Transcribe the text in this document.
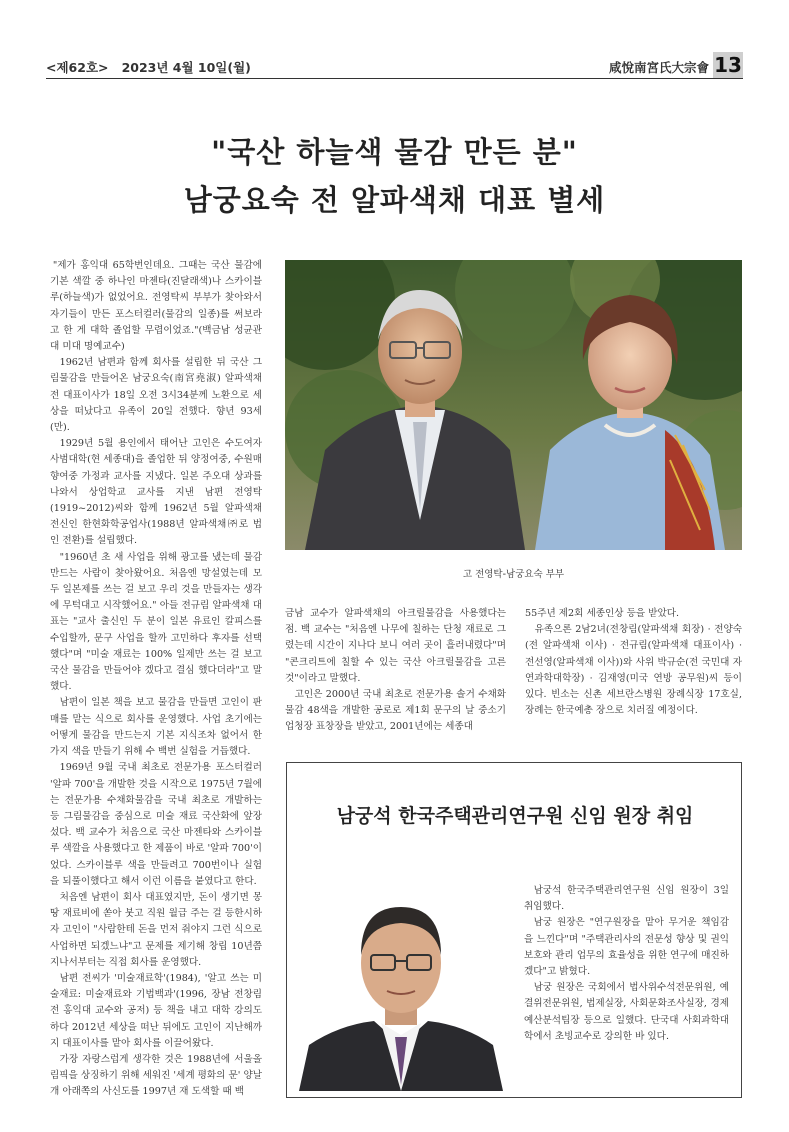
<제62호> 2023년 4월 10일(월)	咸悅南宮氏大宗會 13
"국산 하늘색 물감 만든 분"
남궁요숙 전 알파색채 대표 별세

"제가 홍익대 65학번인데요. 그때는 국산 물감에 기본 색깔 중 하나인 마젠타(진달래색)나 스카이블루(하늘색)가 없었어요. 전영탁씨 부부가 찾아와서 자기들이 만든 포스터컬러(물감의 일종)를 써보라고 한 게 대학 졸업할 무렵이었죠."(백금남 성균관대 미대 명예교수)

1962년 남편과 함께 회사를 설립한 뒤 국산 그림물감을 만들어온 남궁요숙(南宮堯淑) 알파색채전 대표이사가 18일 오전 3시34분께 노환으로 세상을 떠났다고 유족이 20일 전했다. 향년 93세(만).

1929년 5월 용인에서 태어난 고인은 수도여자사범대학(현 세종대)을 졸업한 뒤 양정여중, 수원매향여중 가정과 교사를 지냈다. 일본 주오대 상과를 나와서 상업학교 교사를 지낸 남편 전영탁(1919~2012)씨와 함께 1962년 5월 알파색채 전신인 한현화학공업사(1988년 알파색채㈜로 법인 전환)를 설립했다.

"1960년 초 새 사업을 위해 광고를 냈는데 물감 만드는 사람이 찾아왔어요. 처음엔 망설였는데 모두 일본제를 쓰는 걸 보고 우리 것을 만들자는 생각에 무턱대고 시작했어요." 아들 전규림 알파색채 대표는 "교사 출신인 두 분이 일본 유료인 칼피스를 수입할까, 문구 사업을 할까 고민하다 후자를 선택했다"며 "미술 재료는 100% 일제만 쓰는 걸 보고 국산 물감을 만들어야 겠다고 결심 했다더라"고 말했다.

남편이 일본 책을 보고 물감을 만들면 고인이 판매를 맡는 식으로 회사를 운영했다. 사업 초기에는 어떻게 물감을 만드는지 기본 지식조차 없어서 한 가지 색을 만들기 위해 수 백번 실험을 거듭했다.

1969년 9월 국내 최초로 전문가용 포스터컬러 '알파 700'을 개발한 것을 시작으로 1975년 7월에는 전문가용 수채화물감을 국내 최초로 개발하는 등 그림물감을 중심으로 미술 재료 국산화에 앞장섰다. 백 교수가 처음으로 국산 마젠타와 스카이블루 색깔을 사용했다고 한 제품이 바로 '알파 700'이었다. 스카이블루 색을 만들려고 700번이나 실험을 되풀이했다고 해서 이런 이름을 붙였다고 한다.

처음엔 남편이 회사 대표였지만, 돈이 생기면 몽땅 재료비에 쏟아 붓고 직원 월급 주는 걸 등한시하자 고인이 "사람한테 돈을 먼저 줘야지 그런 식으로 사업하면 되겠느냐"고 문제를 제기해 창립 10년쯤 지나서부터는 직접 회사를 운영했다.

남편 전씨가 '미술재료학'(1984), '알고 쓰는 미술재료: 미술재료와 기법백과'(1996, 장남 전창림 전 홍익대 교수와 공저) 등 책을 내고 대학 강의도 하다 2012년 세상을 떠난 뒤에도 고인이 지난해까지 대표이사를 맡아 회사를 이끌어왔다.

가장 자랑스럽게 생각한 것은 1988년에 서울올림픽을 상징하기 위해 세워진 '세계 평화의 문' 양날개 아래쪽의 사신도를 1997년 재 도색할 때 백

고 전영탁-남궁요숙 부부

금남 교수가 알파색채의 아크릴물감을 사용했다는 점. 백 교수는 "처음엔 나무에 칠하는 단청 재료로 그렸는데 시간이 지나다 보니 여러 곳이 흘러내렸다"며 "콘크리트에 칠할 수 있는 국산 아크릴물감을 고른 것"이라고 말했다.

고인은 2000년 국내 최초로 전문가용 솔거 수채화 물감 48색을 개발한 공로로 제1회 문구의 날 중소기업청장 표창장을 받았고, 2001년에는 세종대

55주년 제2회 세종인상 등을 받았다.

유족으론 2남2녀(전창림(알파색채 회장) · 전양숙(전 알파색채 이사) · 전규림(알파색채 대표이사) · 전선영(알파색채 이사))와 사위 박규순(전 국민대 자연과학대학장) · 김재영(미국 연방 공무원)씨 등이 있다. 빈소는 신촌 세브란스병원 장례식장 17호실, 장례는 한국예총 장으로 치러질 예정이다.

남궁석 한국주택관리연구원 신임 원장 취임

남궁석 한국주택관리연구원 신임 원장이 3일 취임했다.

남궁 원장은 "연구원장을 맡아 무거운 책임감을 느낀다"며 "주택관리사의 전문성 향상 및 권익보호와 관리 업무의 효율성을 위한 연구에 매진하겠다"고 밝혔다.

남궁 원장은 국회에서 법사위수석전문위원, 예결위전문위원, 법제실장, 사회문화조사실장, 경제예산분석팀장 등으로 일했다. 단국대 사회과학대학에서 초빙교수로 강의한 바 있다.
